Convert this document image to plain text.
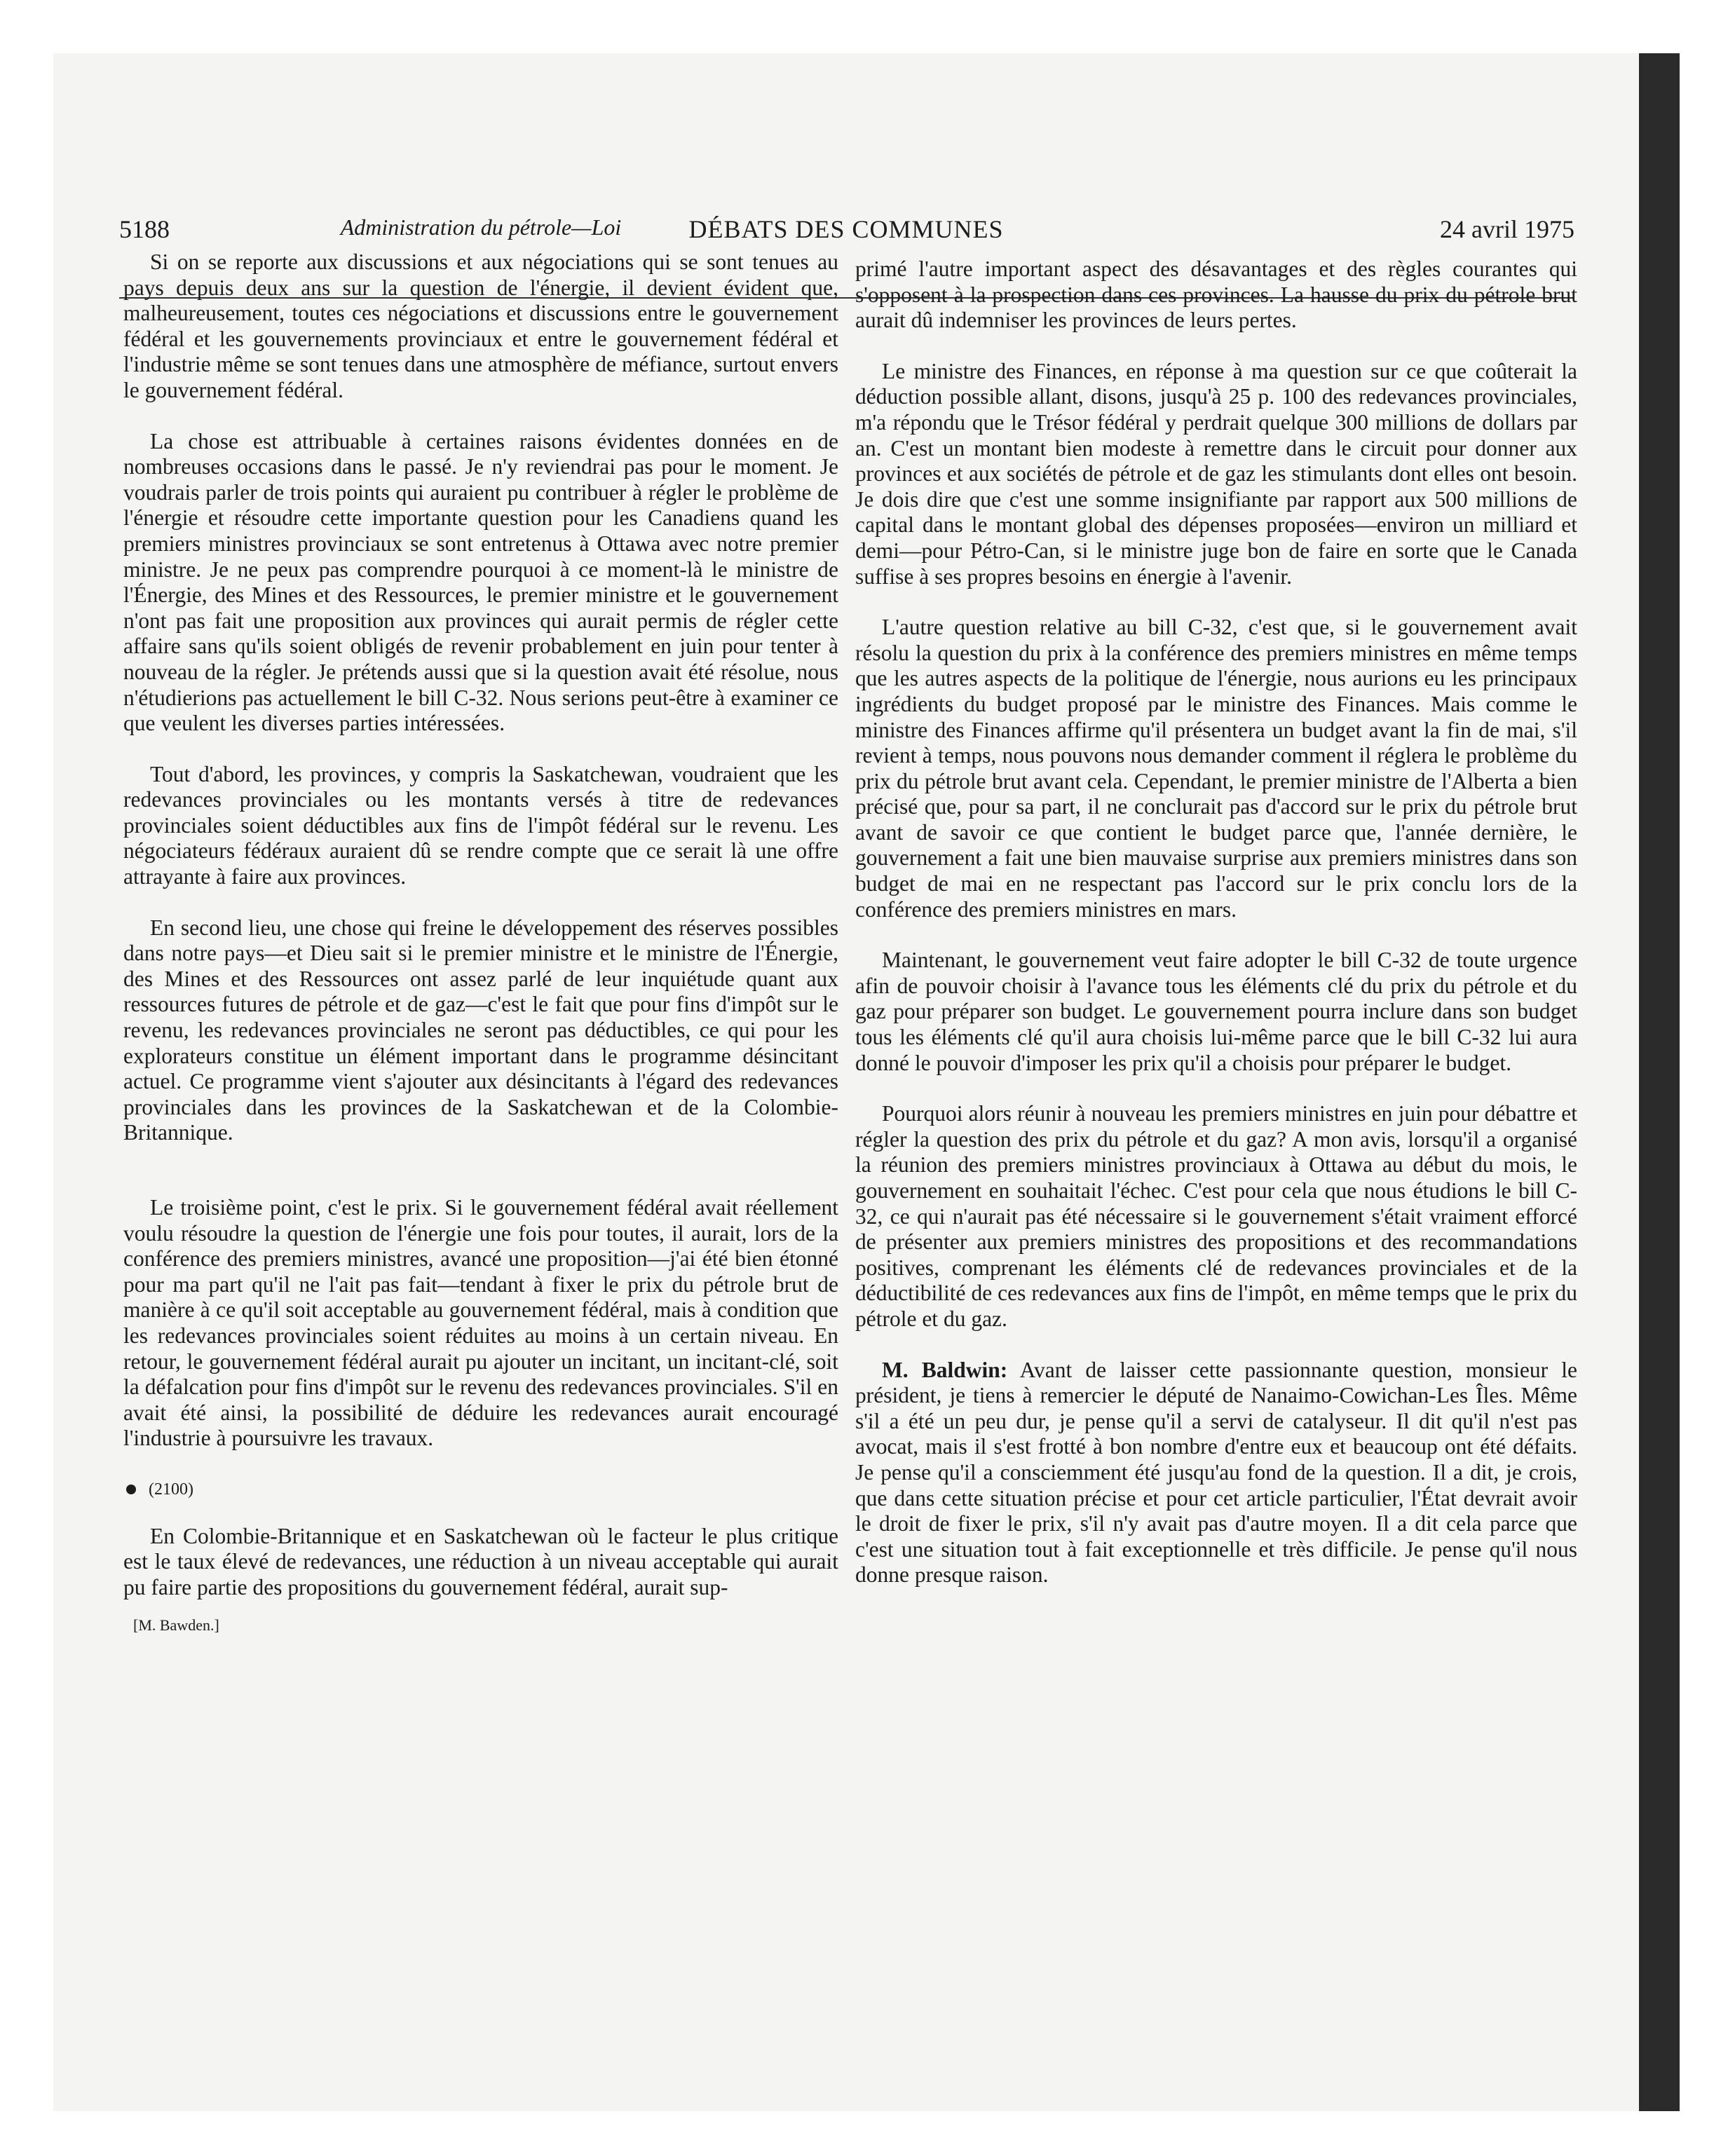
5188	DÉBATS DES COMMUNES	24 avril 1975
Administration du pétrole—Loi

Si on se reporte aux discussions et aux négociations qui se sont tenues au pays depuis deux ans sur la question de l'énergie, il devient évident que, malheureusement, toutes ces négociations et discussions entre le gouvernement fédéral et les gouvernements provinciaux et entre le gouvernement fédéral et l'industrie même se sont tenues dans une atmosphère de méfiance, surtout envers le gouvernement fédéral.

La chose est attribuable à certaines raisons évidentes données en de nombreuses occasions dans le passé. Je n'y reviendrai pas pour le moment. Je voudrais parler de trois points qui auraient pu contribuer à régler le problème de l'énergie et résoudre cette importante question pour les Canadiens quand les premiers ministres provinciaux se sont entretenus à Ottawa avec notre premier ministre. Je ne peux pas comprendre pourquoi à ce moment-là le ministre de l'Énergie, des Mines et des Ressources, le premier ministre et le gouvernement n'ont pas fait une proposition aux provinces qui aurait permis de régler cette affaire sans qu'ils soient obligés de revenir probablement en juin pour tenter à nouveau de la régler. Je prétends aussi que si la question avait été résolue, nous n'étudierions pas actuellement le bill C-32. Nous serions peut-être à examiner ce que veulent les diverses parties intéressées.

Tout d'abord, les provinces, y compris la Saskatchewan, voudraient que les redevances provinciales ou les montants versés à titre de redevances provinciales soient déductibles aux fins de l'impôt fédéral sur le revenu. Les négociateurs fédéraux auraient dû se rendre compte que ce serait là une offre attrayante à faire aux provinces.

En second lieu, une chose qui freine le développement des réserves possibles dans notre pays—et Dieu sait si le premier ministre et le ministre de l'Énergie, des Mines et des Ressources ont assez parlé de leur inquiétude quant aux ressources futures de pétrole et de gaz—c'est le fait que pour fins d'impôt sur le revenu, les redevances provinciales ne seront pas déductibles, ce qui pour les explorateurs constitue un élément important dans le programme désincitant actuel. Ce programme vient s'ajouter aux désincitants à l'égard des redevances provinciales dans les provinces de la Saskatchewan et de la Colombie-Britannique.

Le troisième point, c'est le prix. Si le gouvernement fédéral avait réellement voulu résoudre la question de l'énergie une fois pour toutes, il aurait, lors de la conférence des premiers ministres, avancé une proposition—j'ai été bien étonné pour ma part qu'il ne l'ait pas fait—tendant à fixer le prix du pétrole brut de manière à ce qu'il soit acceptable au gouvernement fédéral, mais à condition que les redevances provinciales soient réduites au moins à un certain niveau. En retour, le gouvernement fédéral aurait pu ajouter un incitant, un incitant-clé, soit la défalcation pour fins d'impôt sur le revenu des redevances provinciales. S'il en avait été ainsi, la possibilité de déduire les redevances aurait encouragé l'industrie à poursuivre les travaux.

(2100)

En Colombie-Britannique et en Saskatchewan où le facteur le plus critique est le taux élevé de redevances, une réduction à un niveau acceptable qui aurait pu faire partie des propositions du gouvernement fédéral, aurait sup-

[M. Bawden.]

primé l'autre important aspect des désavantages et des règles courantes qui s'opposent à la prospection dans ces provinces. La hausse du prix du pétrole brut aurait dû indemniser les provinces de leurs pertes.

Le ministre des Finances, en réponse à ma question sur ce que coûterait la déduction possible allant, disons, jusqu'à 25 p. 100 des redevances provinciales, m'a répondu que le Trésor fédéral y perdrait quelque 300 millions de dollars par an. C'est un montant bien modeste à remettre dans le circuit pour donner aux provinces et aux sociétés de pétrole et de gaz les stimulants dont elles ont besoin. Je dois dire que c'est une somme insignifiante par rapport aux 500 millions de capital dans le montant global des dépenses proposées—environ un milliard et demi—pour Pétro-Can, si le ministre juge bon de faire en sorte que le Canada suffise à ses propres besoins en énergie à l'avenir.

L'autre question relative au bill C-32, c'est que, si le gouvernement avait résolu la question du prix à la conférence des premiers ministres en même temps que les autres aspects de la politique de l'énergie, nous aurions eu les principaux ingrédients du budget proposé par le ministre des Finances. Mais comme le ministre des Finances affirme qu'il présentera un budget avant la fin de mai, s'il revient à temps, nous pouvons nous demander comment il réglera le problème du prix du pétrole brut avant cela. Cependant, le premier ministre de l'Alberta a bien précisé que, pour sa part, il ne conclurait pas d'accord sur le prix du pétrole brut avant de savoir ce que contient le budget parce que, l'année dernière, le gouvernement a fait une bien mauvaise surprise aux premiers ministres dans son budget de mai en ne respectant pas l'accord sur le prix conclu lors de la conférence des premiers ministres en mars.

Maintenant, le gouvernement veut faire adopter le bill C-32 de toute urgence afin de pouvoir choisir à l'avance tous les éléments clé du prix du pétrole et du gaz pour préparer son budget. Le gouvernement pourra inclure dans son budget tous les éléments clé qu'il aura choisis lui-même parce que le bill C-32 lui aura donné le pouvoir d'imposer les prix qu'il a choisis pour préparer le budget.

Pourquoi alors réunir à nouveau les premiers ministres en juin pour débattre et régler la question des prix du pétrole et du gaz? A mon avis, lorsqu'il a organisé la réunion des premiers ministres provinciaux à Ottawa au début du mois, le gouvernement en souhaitait l'échec. C'est pour cela que nous étudions le bill C-32, ce qui n'aurait pas été nécessaire si le gouvernement s'était vraiment efforcé de présenter aux premiers ministres des propositions et des recommandations positives, comprenant les éléments clé de redevances provinciales et de la déductibilité de ces redevances aux fins de l'impôt, en même temps que le prix du pétrole et du gaz.

M. Baldwin: Avant de laisser cette passionnante question, monsieur le président, je tiens à remercier le député de Nanaimo-Cowichan-Les Îles. Même s'il a été un peu dur, je pense qu'il a servi de catalyseur. Il dit qu'il n'est pas avocat, mais il s'est frotté à bon nombre d'entre eux et beaucoup ont été défaits. Je pense qu'il a consciemment été jusqu'au fond de la question. Il a dit, je crois, que dans cette situation précise et pour cet article particulier, l'État devrait avoir le droit de fixer le prix, s'il n'y avait pas d'autre moyen. Il a dit cela parce que c'est une situation tout à fait exceptionnelle et très difficile. Je pense qu'il nous donne presque raison.
